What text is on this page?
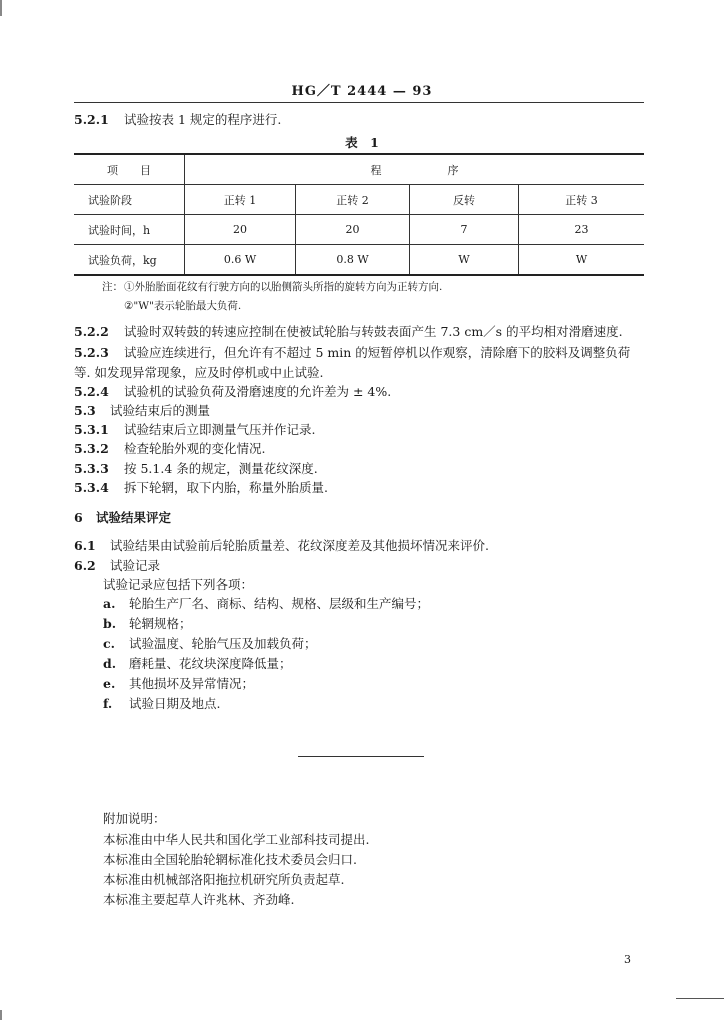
HG／T 2444 — 93
5.2.1 试验按表 1 规定的程序进行.
表　1
项　　目	程　　　　　　序			
试验阶段	正转 1	正转 2	反转	正转 3
试验时间，h	20	20	7	23
试验负荷，kg	0.6 W	0.8 W	W	W
注：①外胎胎面花纹有行驶方向的以胎侧箭头所指的旋转方向为正转方向.
②"W"表示轮胎最大负荷.
5.2.2 试验时双转鼓的转速应控制在使被试轮胎与转鼓表面产生 7.3 cm／s 的平均相对滑磨速度.
5.2.3 试验应连续进行，但允许有不超过 5 min 的短暂停机以作观察，清除磨下的胶料及调整负荷
等. 如发现异常现象，应及时停机或中止试验.
5.2.4 试验机的试验负荷及滑磨速度的允许差为 ± 4%.
5.3 试验结束后的测量
5.3.1 试验结束后立即测量气压并作记录.
5.3.2 检查轮胎外观的变化情况.
5.3.3 按 5.1.4 条的规定，测量花纹深度.
5.3.4 拆下轮辋，取下内胎，称量外胎质量.
6 试验结果评定
6.1 试验结果由试验前后轮胎质量差、花纹深度差及其他损坏情况来评价.
6.2 试验记录
试验记录应包括下列各项：
a. 轮胎生产厂名、商标、结构、规格、层级和生产编号；
b. 轮辋规格；
c. 试验温度、轮胎气压及加载负荷；
d. 磨耗量、花纹块深度降低量；
e. 其他损坏及异常情况；
f. 试验日期及地点.
附加说明：
本标准由中华人民共和国化学工业部科技司提出.
本标准由全国轮胎轮辋标准化技术委员会归口.
本标准由机械部洛阳拖拉机研究所负责起草.
本标准主要起草人许兆林、齐劲峰.
3
